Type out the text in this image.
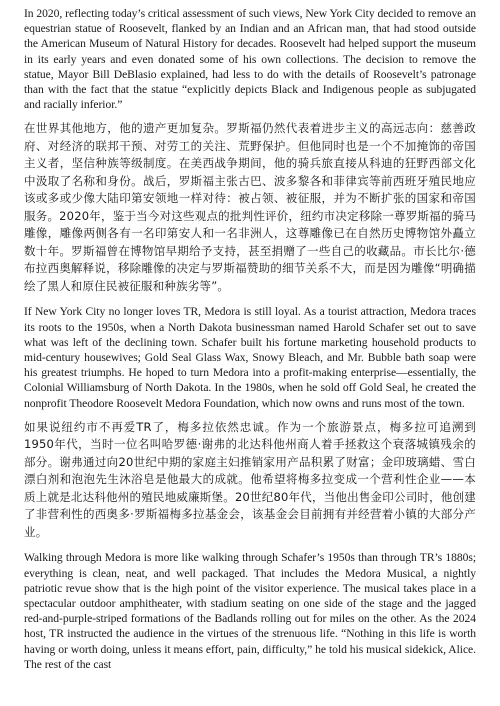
In 2020, reflecting today’s critical assessment of such views, New York City decided to remove an equestrian statue of Roosevelt, flanked by an Indian and an African man, that had stood outside the American Museum of Natural History for decades. Roosevelt had helped support the museum in its early years and even donated some of his own collections. The decision to remove the statue, Mayor Bill DeBlasio explained, had less to do with the details of Roosevelt’s patronage than with the fact that the statue “explicitly depicts Black and Indigenous people as subjugated and racially inferior.”

在世界其他地方，他的遗产更加复杂。罗斯福仍然代表着进步主义的高远志向：慈善政府、对经济的联邦干预、对劳工的关注、荒野保护。但他同时也是一个不加掩饰的帝国主义者，坚信种族等级制度。在美西战争期间，他的骑兵旅直接从科迪的狂野西部文化中汲取了名称和身份。战后，罗斯福主张古巴、波多黎各和菲律宾等前西班牙殖民地应该或多或少像大陆印第安领地一样对待：被占领、被征服，并为不断扩张的国家和帝国服务。2020年，鉴于当今对这些观点的批判性评价，纽约市决定移除一尊罗斯福的骑马雕像，雕像两侧各有一名印第安人和一名非洲人，这尊雕像已在自然历史博物馆外矗立数十年。罗斯福曾在博物馆早期给予支持，甚至捐赠了一些自己的收藏品。市长比尔·德布拉西奥解释说，移除雕像的决定与罗斯福赞助的细节关系不大，而是因为雕像“明确描绘了黑人和原住民被征服和种族劣等”。

If New York City no longer loves TR, Medora is still loyal. As a tourist attraction, Medora traces its roots to the 1950s, when a North Dakota businessman named Harold Schafer set out to save what was left of the declining town. Schafer built his fortune marketing household products to mid-century housewives; Gold Seal Glass Wax, Snowy Bleach, and Mr. Bubble bath soap were his greatest triumphs. He hoped to turn Medora into a profit-making enterprise—essentially, the Colonial Williamsburg of North Dakota. In the 1980s, when he sold off Gold Seal, he created the nonprofit Theodore Roosevelt Medora Foundation, which now owns and runs most of the town.

如果说纽约市不再爱TR了，梅多拉依然忠诚。作为一个旅游景点，梅多拉可追溯到1950年代，当时一位名叫哈罗德·谢弗的北达科他州商人着手拯救这个衰落城镇残余的部分。谢弗通过向20世纪中期的家庭主妇推销家用产品积累了财富；金印玻璃蜡、雪白漂白剂和泡泡先生沐浴皂是他最大的成就。他希望将梅多拉变成一个营利性企业——本质上就是北达科他州的殖民地威廉斯堡。20世纪80年代，当他出售金印公司时，他创建了非营利性的西奥多·罗斯福梅多拉基金会，该基金会目前拥有并经营着小镇的大部分产业。

Walking through Medora is more like walking through Schafer’s 1950s than through TR’s 1880s; everything is clean, neat, and well packaged. That includes the Medora Musical, a nightly patriotic revue show that is the high point of the visitor experience. The musical takes place in a spectacular outdoor amphitheater, with stadium seating on one side of the stage and the jagged red-and-purple-striped formations of the Badlands rolling out for miles on the other. As the 2024 host, TR instructed the audience in the virtues of the strenuous life. “Nothing in this life is worth having or worth doing, unless it means effort, pain, difficulty,” he told his musical sidekick, Alice. The rest of the cast
